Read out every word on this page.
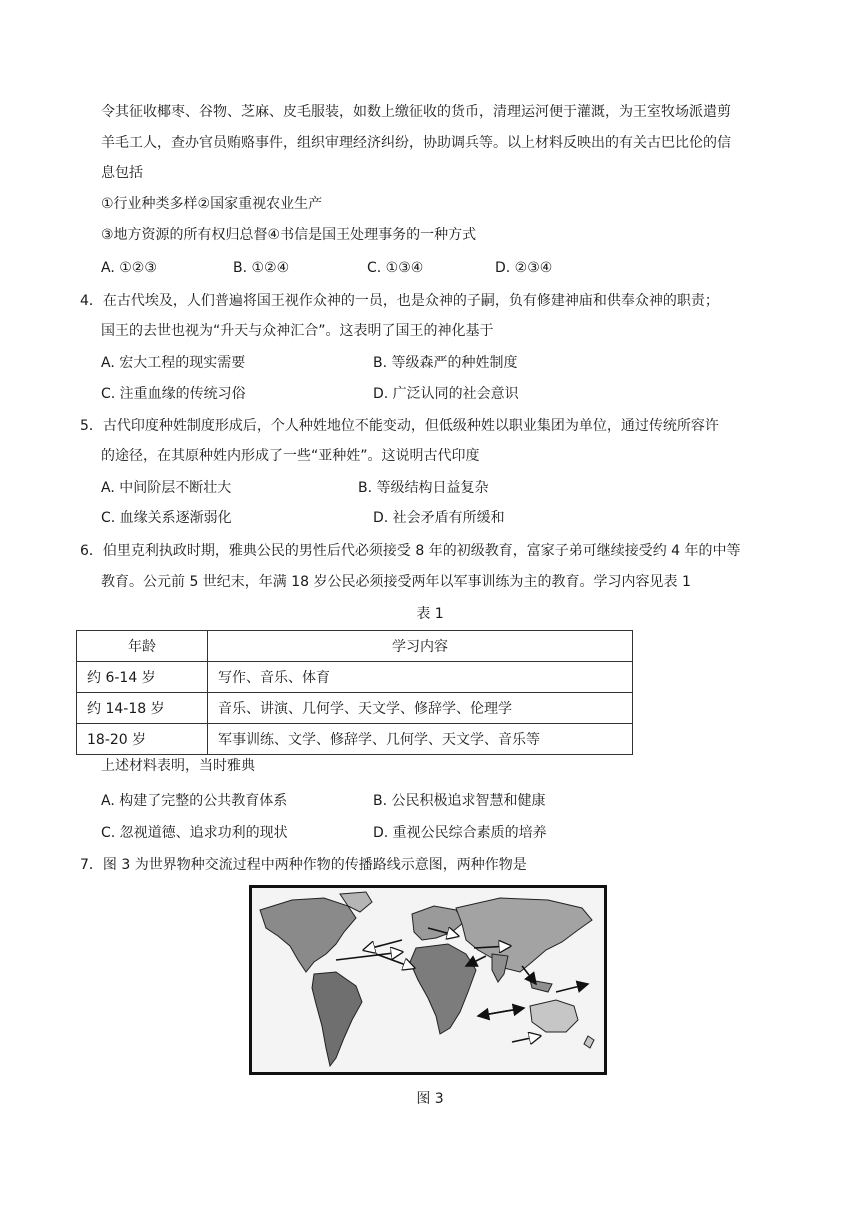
令其征收椰枣、谷物、芝麻、皮毛服装，如数上缴征收的货币，清理运河便于灌溉，为王室牧场派遣剪
羊毛工人，查办官员贿赂事件，组织审理经济纠纷，协助调兵等。以上材料反映出的有关古巴比伦的信
息包括
①行业种类多样②国家重视农业生产
③地方资源的所有权归总督④书信是国王处理事务的一种方式
A. ①②③	B. ①②④	C. ①③④	D. ②③④
4．在古代埃及，人们普遍将国王视作众神的一员，也是众神的子嗣，负有修建神庙和供奉众神的职责；
国王的去世也视为“升天与众神汇合”。这表明了国王的神化基于
A. 宏大工程的现实需要	B. 等级森严的种姓制度
C. 注重血缘的传统习俗	D. 广泛认同的社会意识
5．古代印度种姓制度形成后，个人种姓地位不能变动，但低级种姓以职业集团为单位，通过传统所容许
的途径，在其原种姓内形成了一些“亚种姓”。这说明古代印度
A. 中间阶层不断壮大	B. 等级结构日益复杂
C. 血缘关系逐渐弱化	D. 社会矛盾有所缓和
6．伯里克利执政时期，雅典公民的男性后代必须接受 8 年的初级教育，富家子弟可继续接受约 4 年的中等
教育。公元前 5 世纪末，年满 18 岁公民必须接受两年以军事训练为主的教育。学习内容见表 1
表 1
年龄	学习内容
约 6-14 岁	写作、音乐、体育
约 14-18 岁	音乐、讲演、几何学、天文学、修辞学、伦理学
18-20 岁	军事训练、文学、修辞学、几何学、天文学、音乐等
上述材料表明，当时雅典
A. 构建了完整的公共教育体系	B. 公民积极追求智慧和健康
C. 忽视道德、追求功利的现状	D. 重视公民综合素质的培养
7．图 3 为世界物种交流过程中两种作物的传播路线示意图，两种作物是
图 3
